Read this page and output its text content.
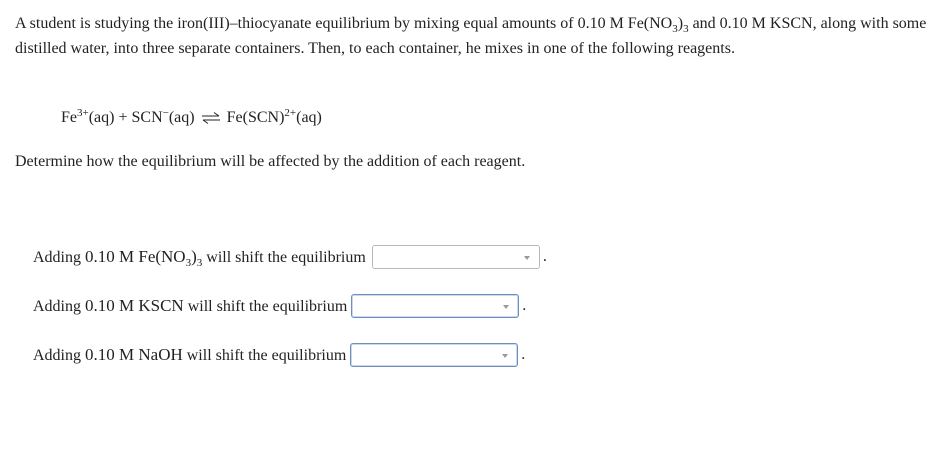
A student is studying the iron(III)–thiocyanate equilibrium by mixing equal amounts of 0.10 M $Fe(NO_3)_3$ and 0.10 M KSCN, along with some distilled water, into three separate containers. Then, to each container, he mixes in one of the following reagents.

$Fe^{3+}(aq) + SCN^-(aq)$ ⇌ Fe(SCN)$^{2+}$(aq)

Determine how the equilibrium will be affected by the addition of each reagent.

Adding 0.10 M $Fe(NO_3)_3$ will shift the equilibrium	.
Adding 0.10 M KSCN will shift the equilibrium	.
Adding 0.10 M NaOH will shift the equilibrium	.
